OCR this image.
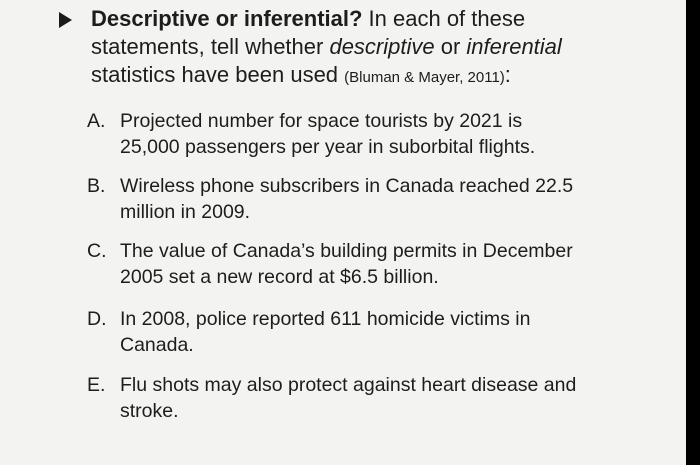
Descriptive or inferential? In each of these
statements, tell whether descriptive or inferential
statistics have been used (Bluman & Mayer, 2011):

A. Projected number for space tourists by 2021 is
25,000 passengers per year in suborbital flights.
B. Wireless phone subscribers in Canada reached 22.5
million in 2009.
C. The value of Canada’s building permits in December
2005 set a new record at $6.5 billion.
D. In 2008, police reported 611 homicide victims in
Canada.
E. Flu shots may also protect against heart disease and
stroke.
